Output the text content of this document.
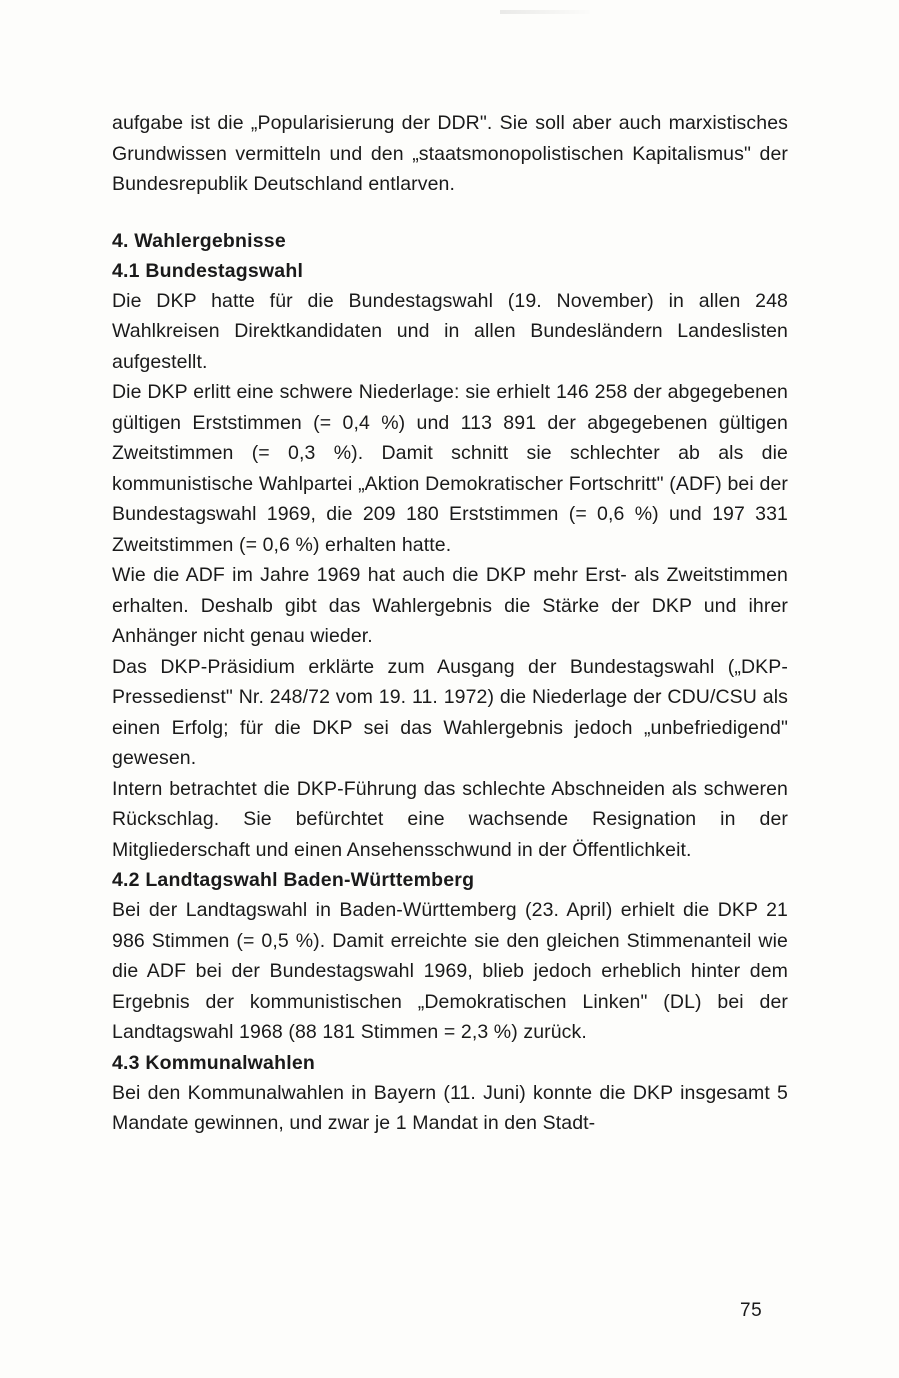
aufgabe ist die „Popularisierung der DDR". Sie soll aber auch marxistisches Grundwissen vermitteln und den „staatsmonopolistischen Kapitalismus" der Bundesrepublik Deutschland entlarven.

4. Wahlergebnisse
4.1 Bundestagswahl

Die DKP hatte für die Bundestagswahl (19. November) in allen 248 Wahlkreisen Direktkandidaten und in allen Bundesländern Landeslisten aufgestellt.

Die DKP erlitt eine schwere Niederlage: sie erhielt 146 258 der abgegebenen gültigen Erststimmen (= 0,4 %) und 113 891 der abgegebenen gültigen Zweitstimmen (= 0,3 %). Damit schnitt sie schlechter ab als die kommunistische Wahlpartei „Aktion Demokratischer Fortschritt" (ADF) bei der Bundestagswahl 1969, die 209 180 Erststimmen (= 0,6 %) und 197 331 Zweitstimmen (= 0,6 %) erhalten hatte.

Wie die ADF im Jahre 1969 hat auch die DKP mehr Erst- als Zweitstimmen erhalten. Deshalb gibt das Wahlergebnis die Stärke der DKP und ihrer Anhänger nicht genau wieder.

Das DKP-Präsidium erklärte zum Ausgang der Bundestagswahl („DKP-Pressedienst" Nr. 248/72 vom 19. 11. 1972) die Niederlage der CDU/CSU als einen Erfolg; für die DKP sei das Wahlergebnis jedoch „unbefriedigend" gewesen.

Intern betrachtet die DKP-Führung das schlechte Abschneiden als schweren Rückschlag. Sie befürchtet eine wachsende Resignation in der Mitgliederschaft und einen Ansehensschwund in der Öffentlichkeit.

4.2 Landtagswahl Baden-Württemberg

Bei der Landtagswahl in Baden-Württemberg (23. April) erhielt die DKP 21 986 Stimmen (= 0,5 %). Damit erreichte sie den gleichen Stimmenanteil wie die ADF bei der Bundestagswahl 1969, blieb jedoch erheblich hinter dem Ergebnis der kommunistischen „Demokratischen Linken" (DL) bei der Landtagswahl 1968 (88 181 Stimmen = 2,3 %) zurück.

4.3 Kommunalwahlen

Bei den Kommunalwahlen in Bayern (11. Juni) konnte die DKP insgesamt 5 Mandate gewinnen, und zwar je 1 Mandat in den Stadt-

75
